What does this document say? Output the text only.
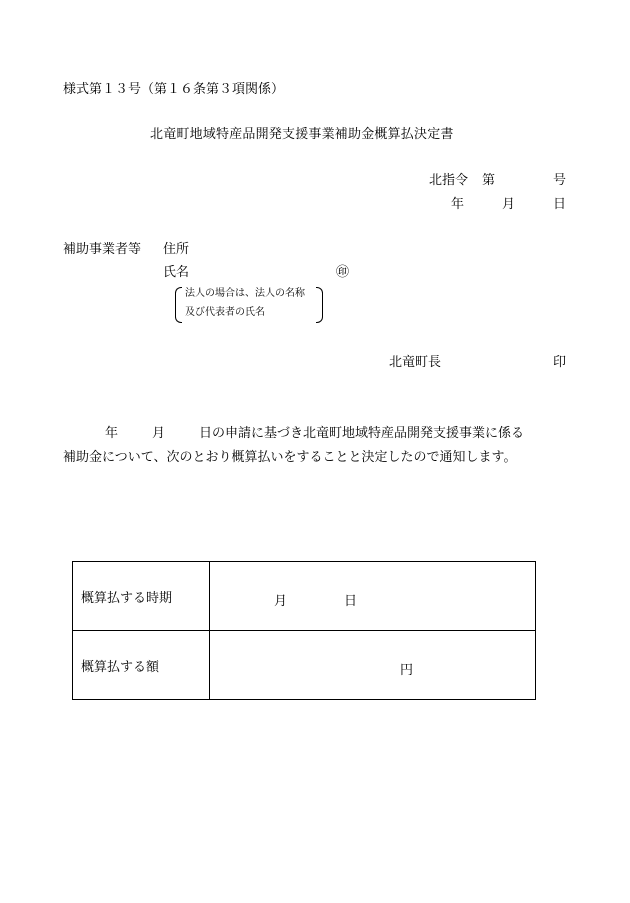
様式第１３号（第１６条第３項関係）
北竜町地域特産品開発支援事業補助金概算払決定書
北指令 第	号
年	月	日
補助事業者等 住所
氏名	㊞
法人の場合は、法人の名称
及び代表者の氏名
北竜町長	印
年	月	日の申請に基づき北竜町地域特産品開発支援事業に係る
補助金について、次のとおり概算払いをすることと決定したので通知します。
概算払する時期	月 日

概算払する額	円
